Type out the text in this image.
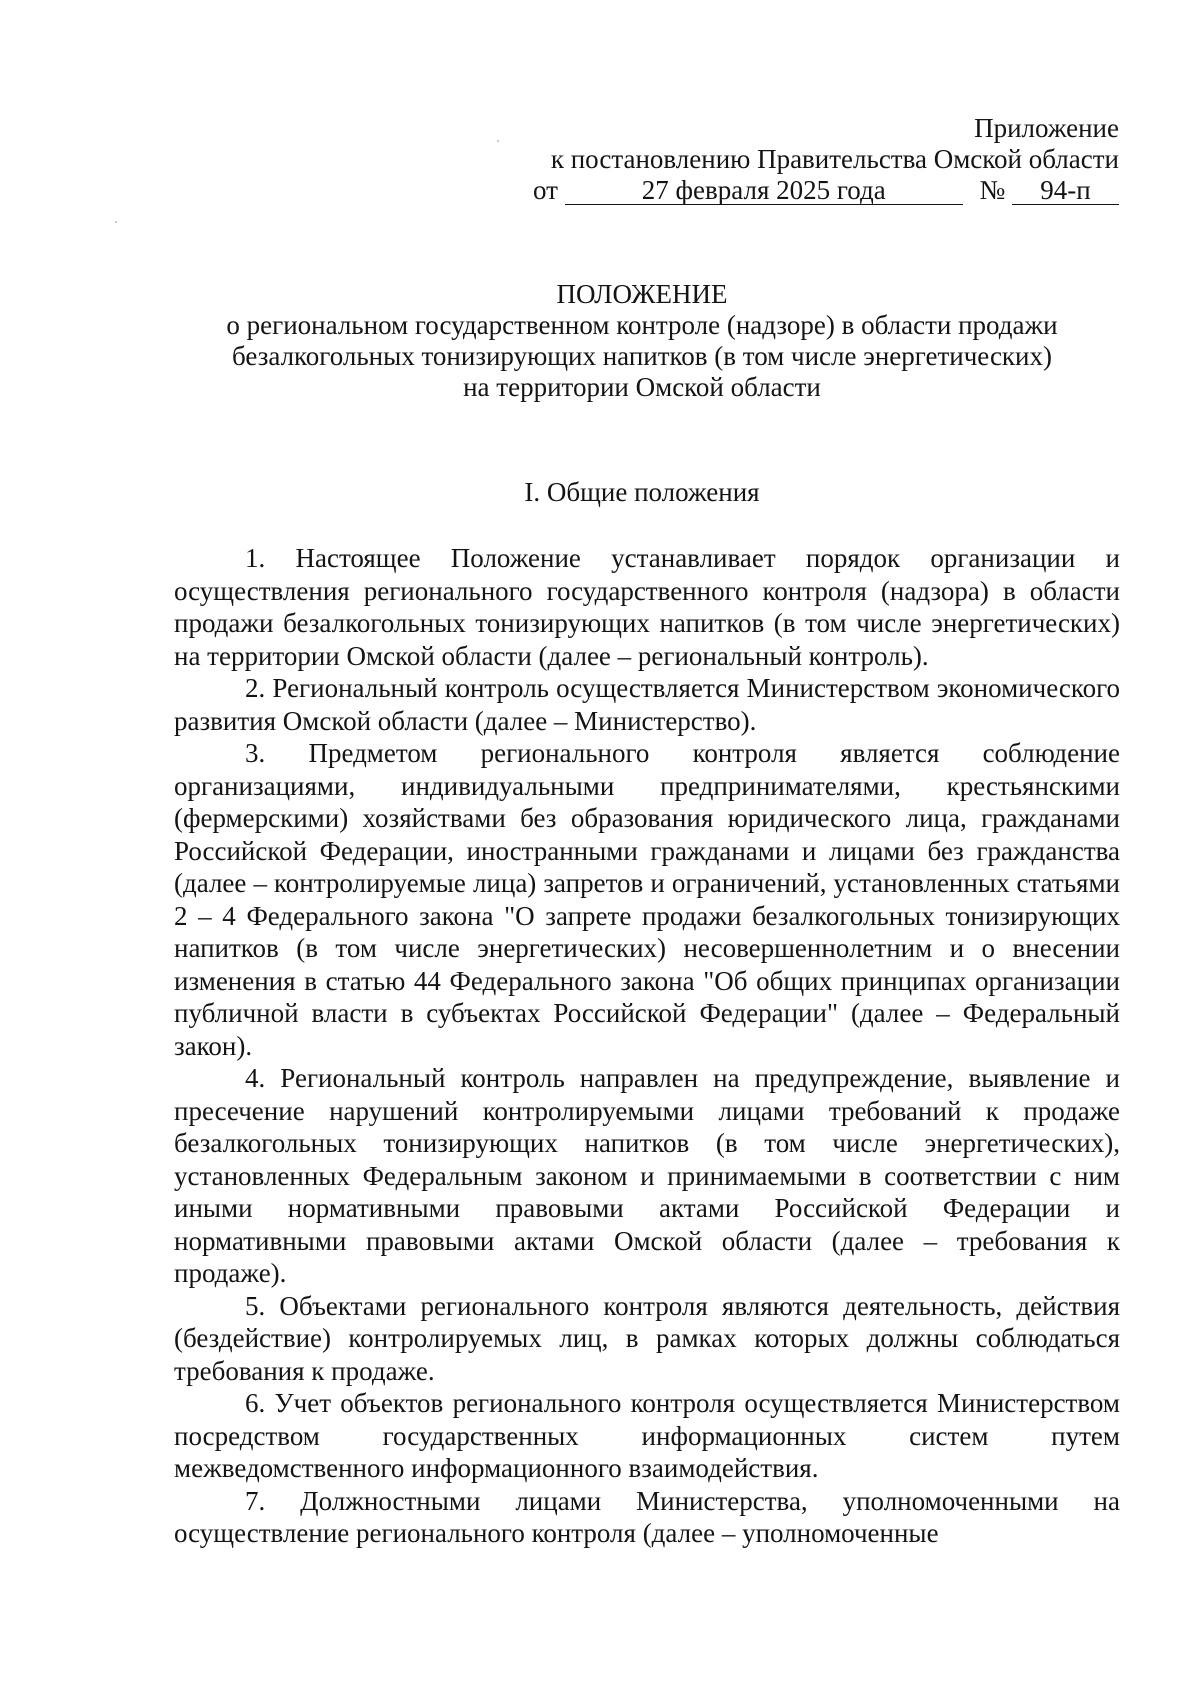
Приложение
к постановлению Правительства Омской области
от	27 февраля 2025 года	№ 94-п
ПОЛОЖЕНИЕ
о региональном государственном контроле (надзоре) в области продажи
безалкогольных тонизирующих напитков (в том числе энергетических)
на территории Омской области
I. Общие положения

1. Настоящее Положение устанавливает порядок организации и осуществления регионального государственного контроля (надзора) в области продажи безалкогольных тонизирующих напитков (в том числе энергетических) на территории Омской области (далее – региональный контроль).

2. Региональный контроль осуществляется Министерством экономического развития Омской области (далее – Министерство).

3. Предметом регионального контроля является соблюдение организациями, индивидуальными предпринимателями, крестьянскими (фермерскими) хозяйствами без образования юридического лица, гражданами Российской Федерации, иностранными гражданами и лицами без гражданства (далее – контролируемые лица) запретов и ограничений, установленных статьями 2 – 4 Федерального закона "О запрете продажи безалкогольных тонизирующих напитков (в том числе энергетических) несовершеннолетним и о внесении изменения в статью 44 Федерального закона "Об общих принципах организации публичной власти в субъектах Российской Федерации" (далее – Федеральный закон).

4. Региональный контроль направлен на предупреждение, выявление и пресечение нарушений контролируемыми лицами требований к продаже безалкогольных тонизирующих напитков (в том числе энергетических), установленных Федеральным законом и принимаемыми в соответствии с ним иными нормативными правовыми актами Российской Федерации и нормативными правовыми актами Омской области (далее – требования к продаже).

5. Объектами регионального контроля являются деятельность, действия (бездействие) контролируемых лиц, в рамках которых должны соблюдаться требования к продаже.

6. Учет объектов регионального контроля осуществляется Министерством посредством государственных информационных систем путем межведомственного информационного взаимодействия.

7. Должностными лицами Министерства, уполномоченными на осуществление регионального контроля (далее – уполномоченные
